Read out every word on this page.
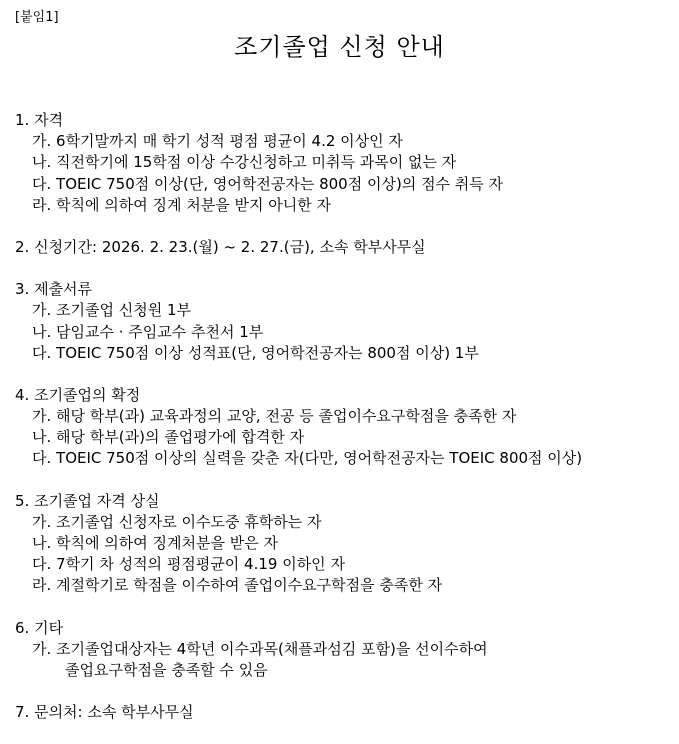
[붙임1]
조기졸업 신청 안내
1. 자격
가. 6학기말까지 매 학기 성적 평점 평균이 4.2 이상인 자
나. 직전학기에 15학점 이상 수강신청하고 미취득 과목이 없는 자
다. TOEIC 750점 이상(단, 영어학전공자는 800점 이상)의 점수 취득 자
라. 학칙에 의하여 징계 처분을 받지 아니한 자
2. 신청기간: 2026. 2. 23.(월) ~ 2. 27.(금), 소속 학부사무실
3. 제출서류
가. 조기졸업 신청원 1부
나. 담임교수 · 주임교수 추천서 1부
다. TOEIC 750점 이상 성적표(단, 영어학전공자는 800점 이상) 1부
4. 조기졸업의 확정
가. 해당 학부(과) 교육과정의 교양, 전공 등 졸업이수요구학점을 충족한 자
나. 해당 학부(과)의 졸업평가에 합격한 자
다. TOEIC 750점 이상의 실력을 갖춘 자(다만, 영어학전공자는 TOEIC 800점 이상)
5. 조기졸업 자격 상실
가. 조기졸업 신청자로 이수도중 휴학하는 자
나. 학칙에 의하여 징계처분을 받은 자
다. 7학기 차 성적의 평점평균이 4.19 이하인 자
라. 계절학기로 학점을 이수하여 졸업이수요구학점을 충족한 자
6. 기타
가. 조기졸업대상자는 4학년 이수과목(채플과섬김 포함)을 선이수하여
졸업요구학점을 충족할 수 있음
7. 문의처: 소속 학부사무실
